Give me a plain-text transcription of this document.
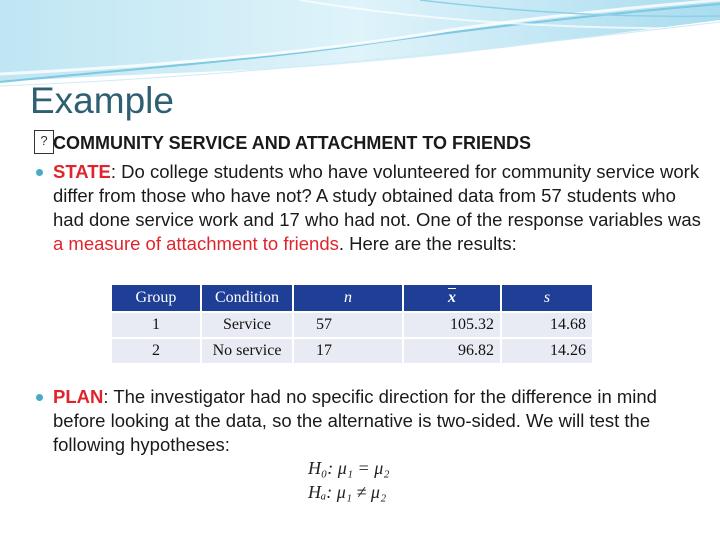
Example
? COMMUNITY SERVICE AND ATTACHMENT TO FRIENDS
STATE: Do college students who have volunteered for community service work differ from those who have not? A study obtained data from 57 students who had done service work and 17 who had not. One of the response variables was a measure of attachment to friends. Here are the results:
Group	Condition	n	$\overline{x}$	s
1	Service	57	105.32	14.68
2	No service	17	96.82	14.26
PLAN: The investigator had no specific direction for the difference in mind before looking at the data, so the alternative is two-sided. We will test the following hypotheses:
H₀: μ₁ = μ₂
Hₐ: μ₁ ≠ μ₂
